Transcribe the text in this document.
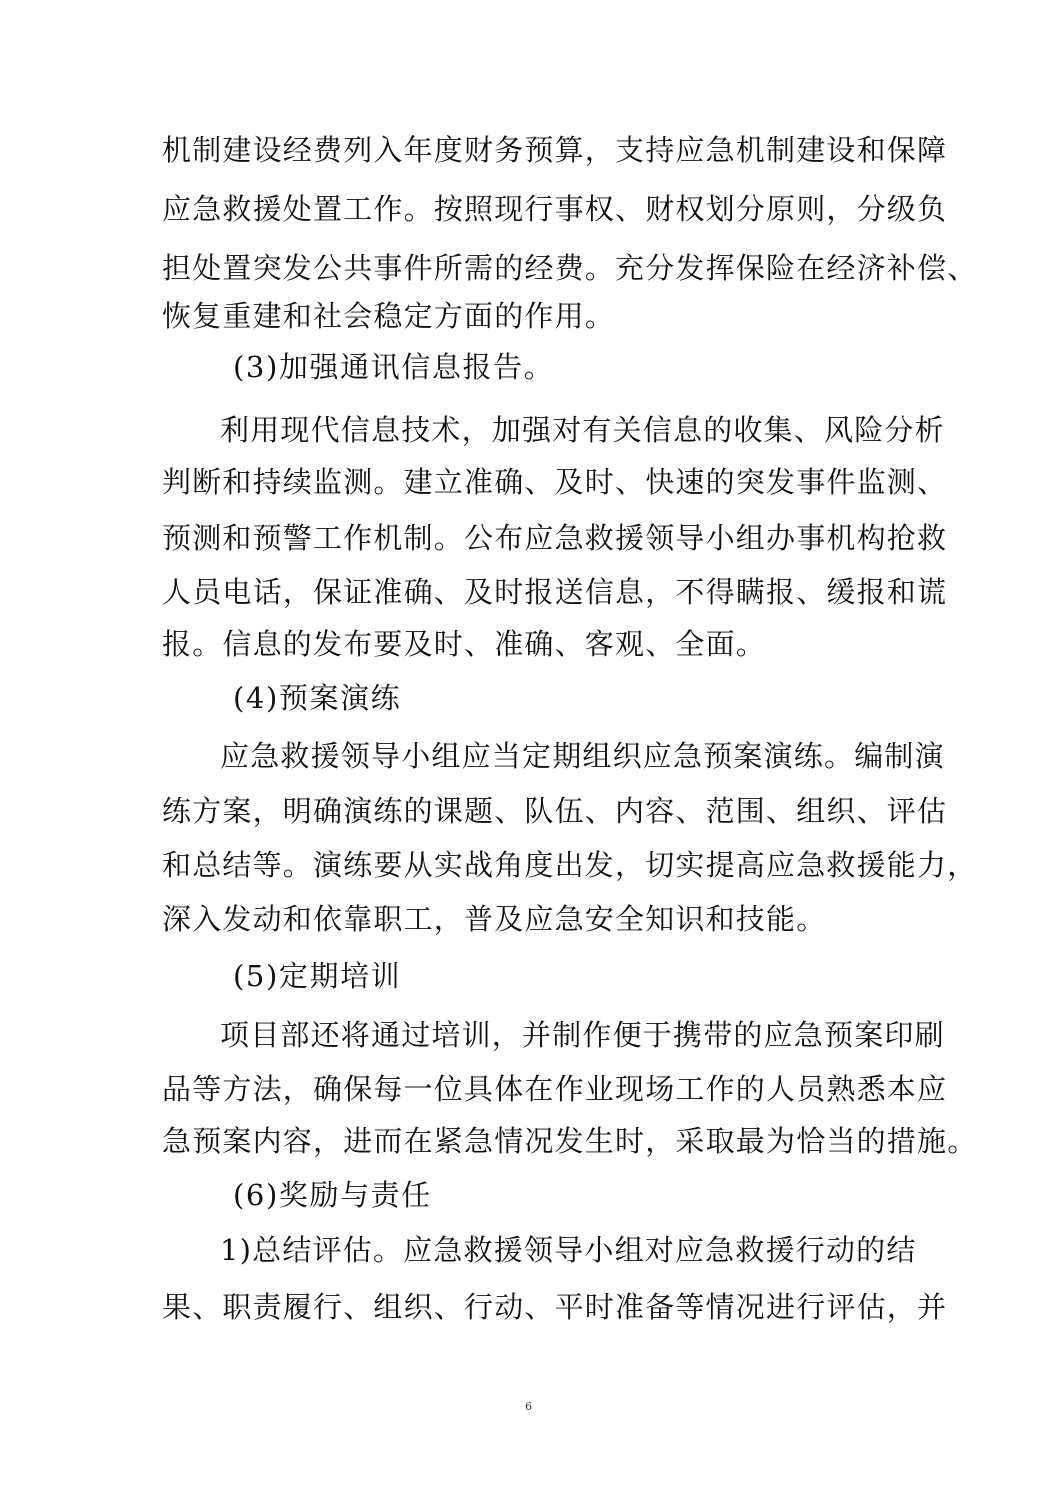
机制建设经费列入年度财务预算，支持应急机制建设和保障
应急救援处置工作。按照现行事权、财权划分原则，分级负
担处置突发公共事件所需的经费。充分发挥保险在经济补偿、
恢复重建和社会稳定方面的作用。
(3)加强通讯信息报告。
利用现代信息技术，加强对有关信息的收集、风险分析
判断和持续监测。建立准确、及时、快速的突发事件监测、
预测和预警工作机制。公布应急救援领导小组办事机构抢救
人员电话，保证准确、及时报送信息，不得瞒报、缓报和谎
报。信息的发布要及时、准确、客观、全面。
(4)预案演练
应急救援领导小组应当定期组织应急预案演练。编制演
练方案，明确演练的课题、队伍、内容、范围、组织、评估
和总结等。演练要从实战角度出发，切实提高应急救援能力，
深入发动和依靠职工，普及应急安全知识和技能。
(5)定期培训
项目部还将通过培训，并制作便于携带的应急预案印刷
品等方法，确保每一位具体在作业现场工作的人员熟悉本应
急预案内容，进而在紧急情况发生时，采取最为恰当的措施。
(6)奖励与责任
1)总结评估。应急救援领导小组对应急救援行动的结
果、职责履行、组织、行动、平时准备等情况进行评估，并
6
